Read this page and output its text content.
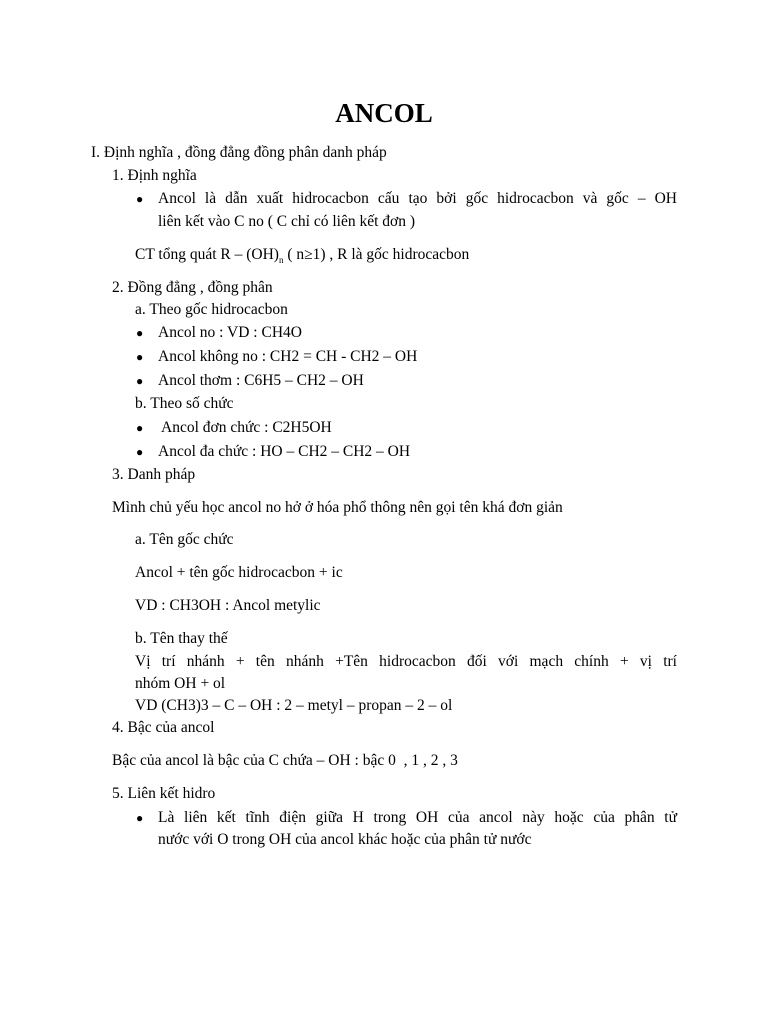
ANCOL
I. Định nghĩa , đồng đẳng đồng phân danh pháp
1. Định nghĩa
● Ancol là dẫn xuất hidrocacbon cấu tạo bởi gốc hidrocacbon và gốc – OH
liên kết vào C no ( C chỉ có liên kết đơn )
CT tổng quát R – $(OH)_n$ ( n≥1) , R là gốc hidrocacbon
2. Đồng đẳng , đồng phân
a. Theo gốc hidrocacbon
● Ancol no : VD : CH4O
● Ancol không no : CH2 = CH - CH2 – OH
● Ancol thơm : C6H5 – CH2 – OH
b. Theo số chức
● Ancol đơn chức : C2H5OH
● Ancol đa chức : HO – CH2 – CH2 – OH
3. Danh pháp
Mình chủ yếu học ancol no hở ở hóa phổ thông nên gọi tên khá đơn giản
a. Tên gốc chức
Ancol + tên gốc hidrocacbon + ic
VD : CH3OH : Ancol metylic
b. Tên thay thế
Vị trí nhánh + tên nhánh +Tên hidrocacbon đối với mạch chính + vị trí
nhóm OH + ol
VD (CH3)3 – C – OH : 2 – metyl – propan – 2 – ol
4. Bậc của ancol
Bậc của ancol là bậc của C chứa – OH : bậc 0  , 1 , 2 , 3
5. Liên kết hidro
● Là liên kết tĩnh điện giữa H trong OH của ancol này hoặc của phân tử
nước với O trong OH của ancol khác hoặc của phân tử nước
